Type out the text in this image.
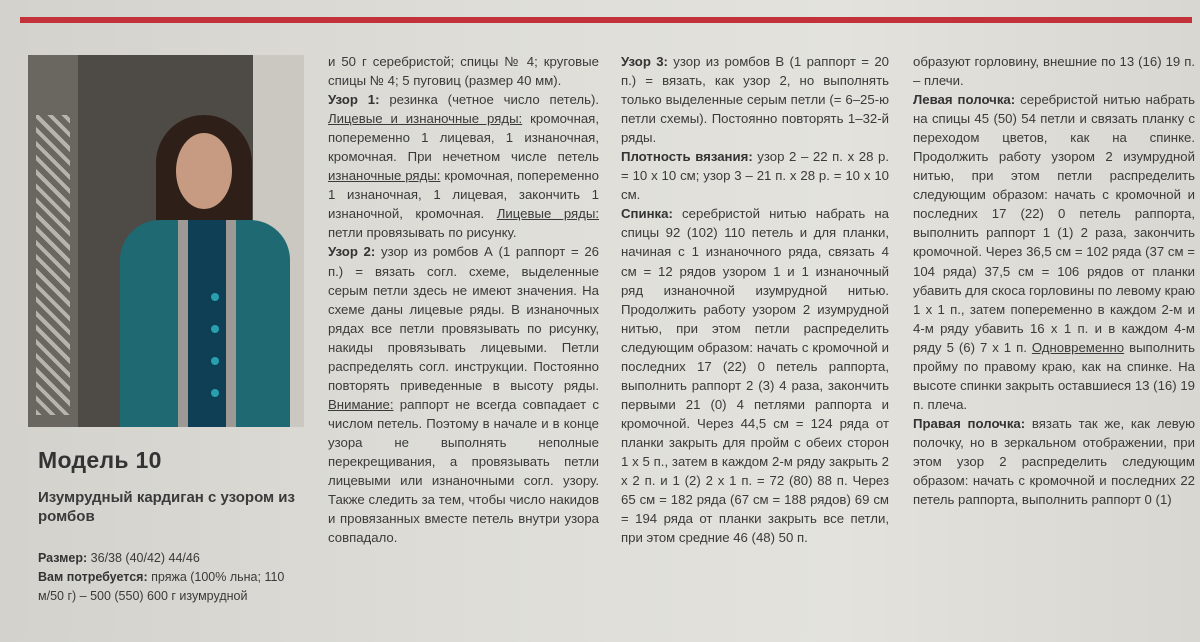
Модель 10
Изумрудный кардиган с узором из ромбов
Размер: 36/38 (40/42) 44/46
Вам потребуется: пряжа (100% льна; 110 м/50 г) – 500 (550) 600 г изумрудной

и 50 г серебристой; спицы № 4; круговые спицы № 4; 5 пуговиц (размер 40 мм).

Узор 1: резинка (четное число петель). Лицевые и изнаночные ряды: кромочная, попеременно 1 лицевая, 1 изнаночная, кромочная. При нечетном числе петель изнаночные ряды: кромочная, попеременно 1 изнаночная, 1 лицевая, закончить 1 изнаночной, кромочная. Лицевые ряды: петли провязывать по рисунку.

Узор 2: узор из ромбов А (1 раппорт = 26 п.) = вязать согл. схеме, выделенные серым петли здесь не имеют значения. На схеме даны лицевые ряды. В изнаночных рядах все петли провязывать по рисунку, накиды провязывать лицевыми. Петли распределять согл. инструкции. Постоянно повторять приведенные в высоту ряды. Внимание: раппорт не всегда совпадает с числом петель. Поэтому в начале и в конце узора не выполнять неполные перекрещивания, а провязывать петли лицевыми или изнаночными согл. узору. Также следить за тем, чтобы число накидов и провязанных вместе петель внутри узора совпадало.

Узор 3: узор из ромбов В (1 раппорт = 20 п.) = вязать, как узор 2, но выполнять только выделенные серым петли (= 6–25-ю петли схемы). Постоянно повторять 1–32-й ряды.

Плотность вязания: узор 2 – 22 п. x 28 р. = 10 x 10 см; узор 3 – 21 п. x 28 р. = 10 x 10 см.

Спинка: серебристой нитью набрать на спицы 92 (102) 110 петель и для планки, начиная с 1 изнаночного ряда, связать 4 см = 12 рядов узором 1 и 1 изнаночный ряд изнаночной изумрудной нитью. Продолжить работу узором 2 изумрудной нитью, при этом петли распределить следующим образом: начать с кромочной и последних 17 (22) 0 петель раппорта, выполнить раппорт 2 (3) 4 раза, закончить первыми 21 (0) 4 петлями раппорта и кромочной. Через 44,5 см = 124 ряда от планки закрыть для пройм с обеих сторон 1 x 5 п., затем в каждом 2-м ряду закрыть 2 x 2 п. и 1 (2) 2 x 1 п. = 72 (80) 88 п. Через 65 см = 182 ряда (67 см = 188 рядов) 69 см = 194 ряда от планки закрыть все петли, при этом средние 46 (48) 50 п.

образуют горловину, внешние по 13 (16) 19 п. – плечи.

Левая полочка: серебристой нитью набрать на спицы 45 (50) 54 петли и связать планку с переходом цветов, как на спинке. Продолжить работу узором 2 изумрудной нитью, при этом петли распределить следующим образом: начать с кромочной и последних 17 (22) 0 петель раппорта, выполнить раппорт 1 (1) 2 раза, закончить кромочной. Через 36,5 см = 102 ряда (37 см = 104 ряда) 37,5 см = 106 рядов от планки убавить для скоса горловины по левому краю 1 x 1 п., затем попеременно в каждом 2-м и 4-м ряду убавить 16 x 1 п. и в каждом 4-м ряду 5 (6) 7 x 1 п. Одновременно выполнить пройму по правому краю, как на спинке. На высоте спинки закрыть оставшиеся 13 (16) 19 п. плеча.

Правая полочка: вязать так же, как левую полочку, но в зеркальном отображении, при этом узор 2 распределить следующим образом: начать с кромочной и последних 22 петель раппорта, выполнить раппорт 0 (1)
